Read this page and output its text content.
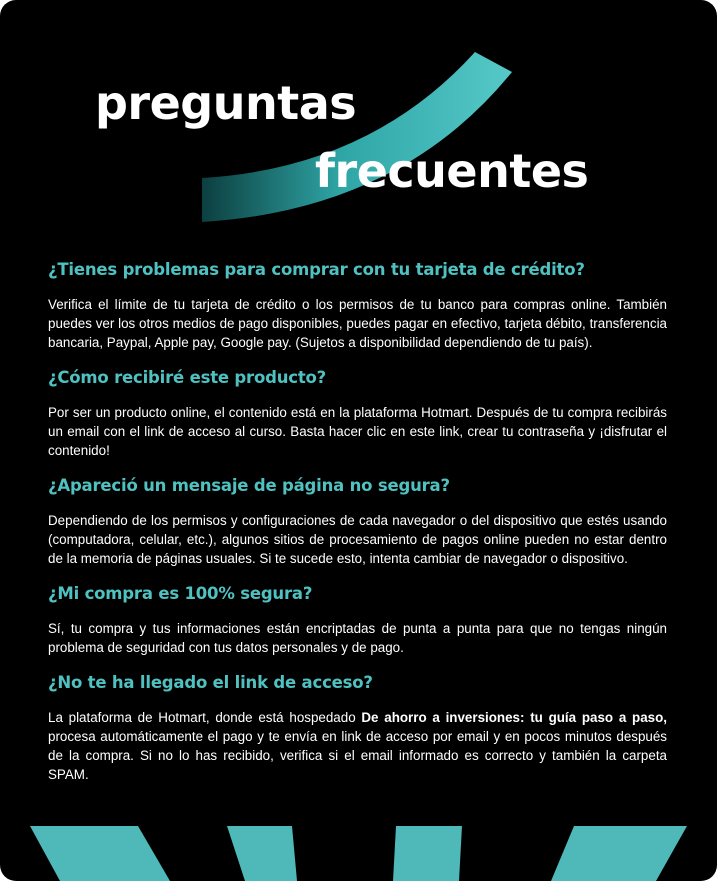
preguntas
frecuentes
¿Tienes problemas para comprar con tu tarjeta de crédito?

Verifica el límite de tu tarjeta de crédito o los permisos de tu banco para compras online. También puedes ver los otros medios de pago disponibles, puedes pagar en efectivo, tarjeta débito, transferencia bancaria, Paypal, Apple pay, Google pay. (Sujetos a disponibilidad dependiendo de tu país).

¿Cómo recibiré este producto?

Por ser un producto online, el contenido está en la plataforma Hotmart. Después de tu compra recibirás un email con el link de acceso al curso. Basta hacer clic en este link, crear tu contraseña y ¡disfrutar el contenido!

¿Apareció un mensaje de página no segura?

Dependiendo de los permisos y configuraciones de cada navegador o del dispositivo que estés usando (computadora, celular, etc.), algunos sitios de procesamiento de pagos online pueden no estar dentro de la memoria de páginas usuales. Si te sucede esto, intenta cambiar de navegador o dispositivo.

¿Mi compra es 100% segura?

Sí, tu compra y tus informaciones están encriptadas de punta a punta para que no tengas ningún problema de seguridad con tus datos personales y de pago.

¿No te ha llegado el link de acceso?

La plataforma de Hotmart, donde está hospedado De ahorro a inversiones: tu guía paso a paso, procesa automáticamente el pago y te envía en link de acceso por email y en pocos minutos después de la compra. Si no lo has recibido, verifica si el email informado es correcto y también la carpeta SPAM.
